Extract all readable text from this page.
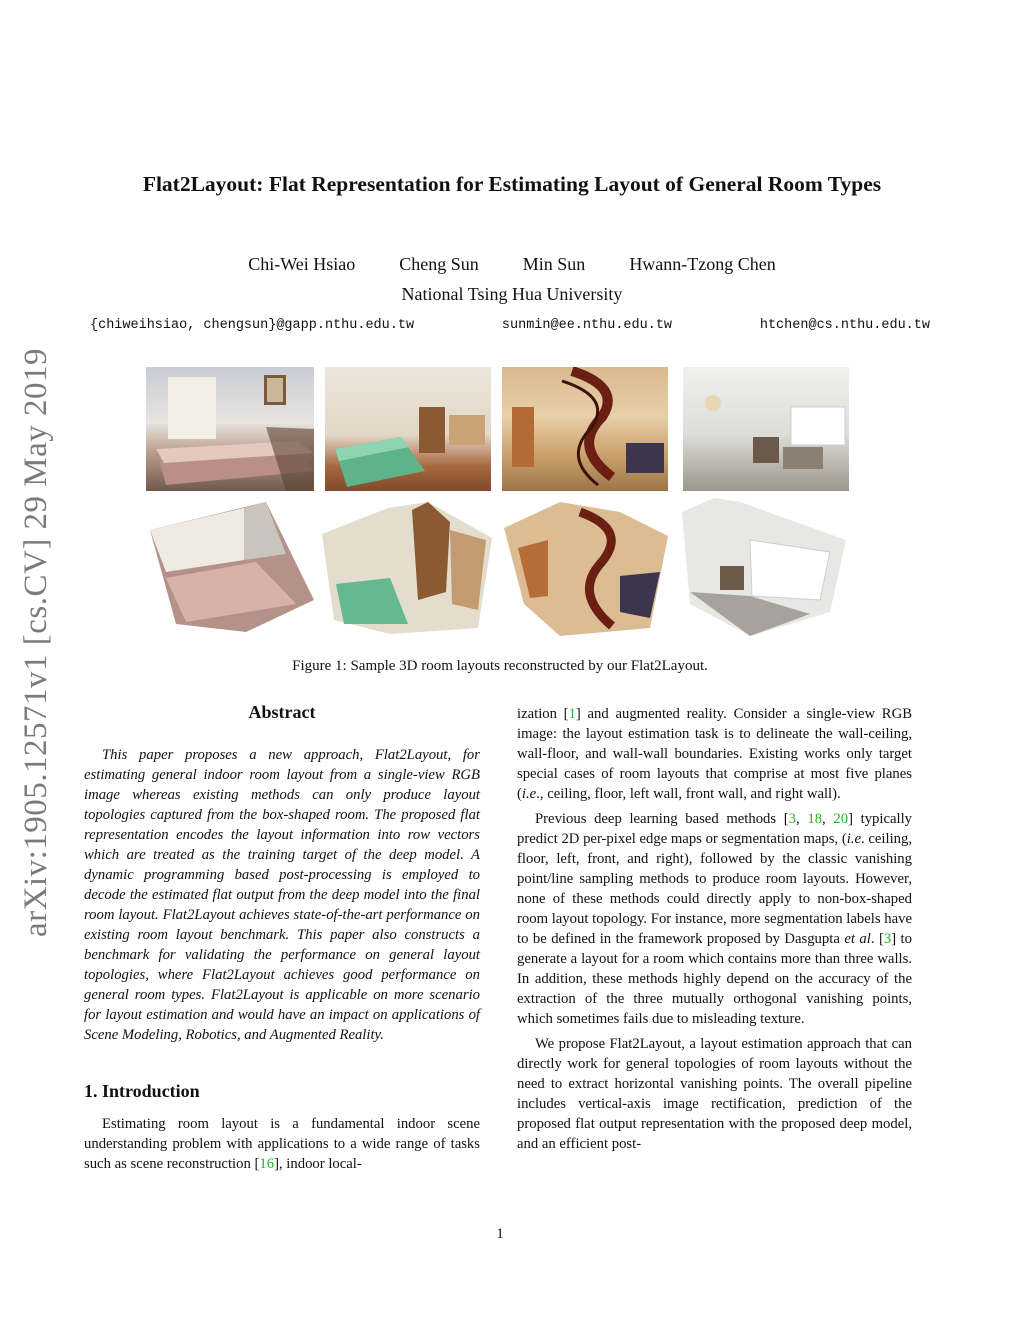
arXiv:1905.12571v1 [cs.CV] 29 May 2019
Flat2Layout: Flat Representation for Estimating Layout of General Room Types
Chi-Wei Hsiao Cheng Sun Min Sun Hwann-Tzong Chen
National Tsing Hua University
{chiweihsiao, chengsun}@gapp.nthu.edu.tw	sunmin@ee.nthu.edu.tw	htchen@cs.nthu.edu.tw
Figure 1: Sample 3D room layouts reconstructed by our Flat2Layout.
Abstract

This paper proposes a new approach, Flat2Layout, for estimating general indoor room layout from a single-view RGB image whereas existing methods can only produce layout topologies captured from the box-shaped room. The proposed flat representation encodes the layout information into row vectors which are treated as the training target of the deep model. A dynamic programming based post-processing is employed to decode the estimated flat output from the deep model into the final room layout. Flat2Layout achieves state-of-the-art performance on existing room layout benchmark. This paper also constructs a benchmark for validating the performance on general layout topologies, where Flat2Layout achieves good performance on general room types. Flat2Layout is applicable on more scenario for layout estimation and would have an impact on applications of Scene Modeling, Robotics, and Augmented Reality.

1. Introduction

Estimating room layout is a fundamental indoor scene understanding problem with applications to a wide range of tasks such as scene reconstruction [16], indoor local-

ization [1] and augmented reality. Consider a single-view RGB image: the layout estimation task is to delineate the wall-ceiling, wall-floor, and wall-wall boundaries. Existing works only target special cases of room layouts that comprise at most five planes (i.e., ceiling, floor, left wall, front wall, and right wall).

Previous deep learning based methods [3, 18, 20] typically predict 2D per-pixel edge maps or segmentation maps, (i.e. ceiling, floor, left, front, and right), followed by the classic vanishing point/line sampling methods to produce room layouts. However, none of these methods could directly apply to non-box-shaped room layout topology. For instance, more segmentation labels have to be defined in the framework proposed by Dasgupta et al. [3] to generate a layout for a room which contains more than three walls. In addition, these methods highly depend on the accuracy of the extraction of the three mutually orthogonal vanishing points, which sometimes fails due to misleading texture.

We propose Flat2Layout, a layout estimation approach that can directly work for general topologies of room layouts without the need to extract horizontal vanishing points. The overall pipeline includes vertical-axis image rectification, prediction of the proposed flat output representation with the proposed deep model, and an efficient post-

1
